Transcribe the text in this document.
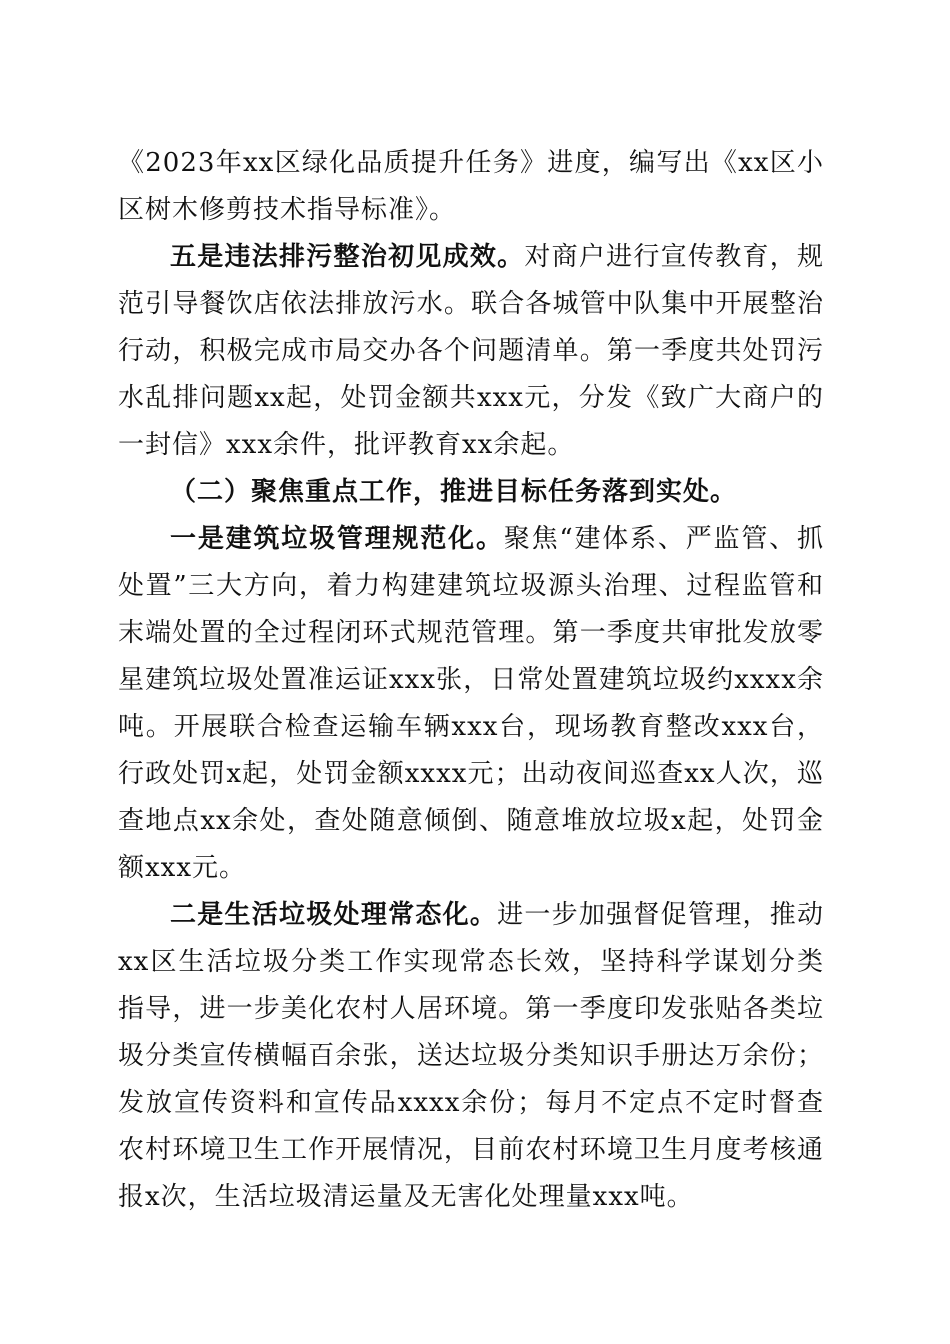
《2023年xx区绿化品质提升任务》进度，编写出《xx区小区树木修剪技术指导标准》。

五是违法排污整治初见成效。对商户进行宣传教育，规范引导餐饮店依法排放污水。联合各城管中队集中开展整治行动，积极完成市局交办各个问题清单。第一季度共处罚污水乱排问题xx起，处罚金额共xxx元，分发《致广大商户的一封信》xxx余件，批评教育xx余起。

（二）聚焦重点工作，推进目标任务落到实处。

一是建筑垃圾管理规范化。聚焦“建体系、严监管、抓处置”三大方向，着力构建建筑垃圾源头治理、过程监管和末端处置的全过程闭环式规范管理。第一季度共审批发放零星建筑垃圾处置准运证xxx张，日常处置建筑垃圾约xxxx余吨。开展联合检查运输车辆xxx台，现场教育整改xxx台，行政处罚x起，处罚金额xxxx元；出动夜间巡查xx人次，巡查地点xx余处，查处随意倾倒、随意堆放垃圾x起，处罚金额xxx元。

二是生活垃圾处理常态化。进一步加强督促管理，推动xx区生活垃圾分类工作实现常态长效，坚持科学谋划分类指导，进一步美化农村人居环境。第一季度印发张贴各类垃圾分类宣传横幅百余张，送达垃圾分类知识手册达万余份；发放宣传资料和宣传品xxxx余份；每月不定点不定时督查农村环境卫生工作开展情况，目前农村环境卫生月度考核通报x次，生活垃圾清运量及无害化处理量xxx吨。
